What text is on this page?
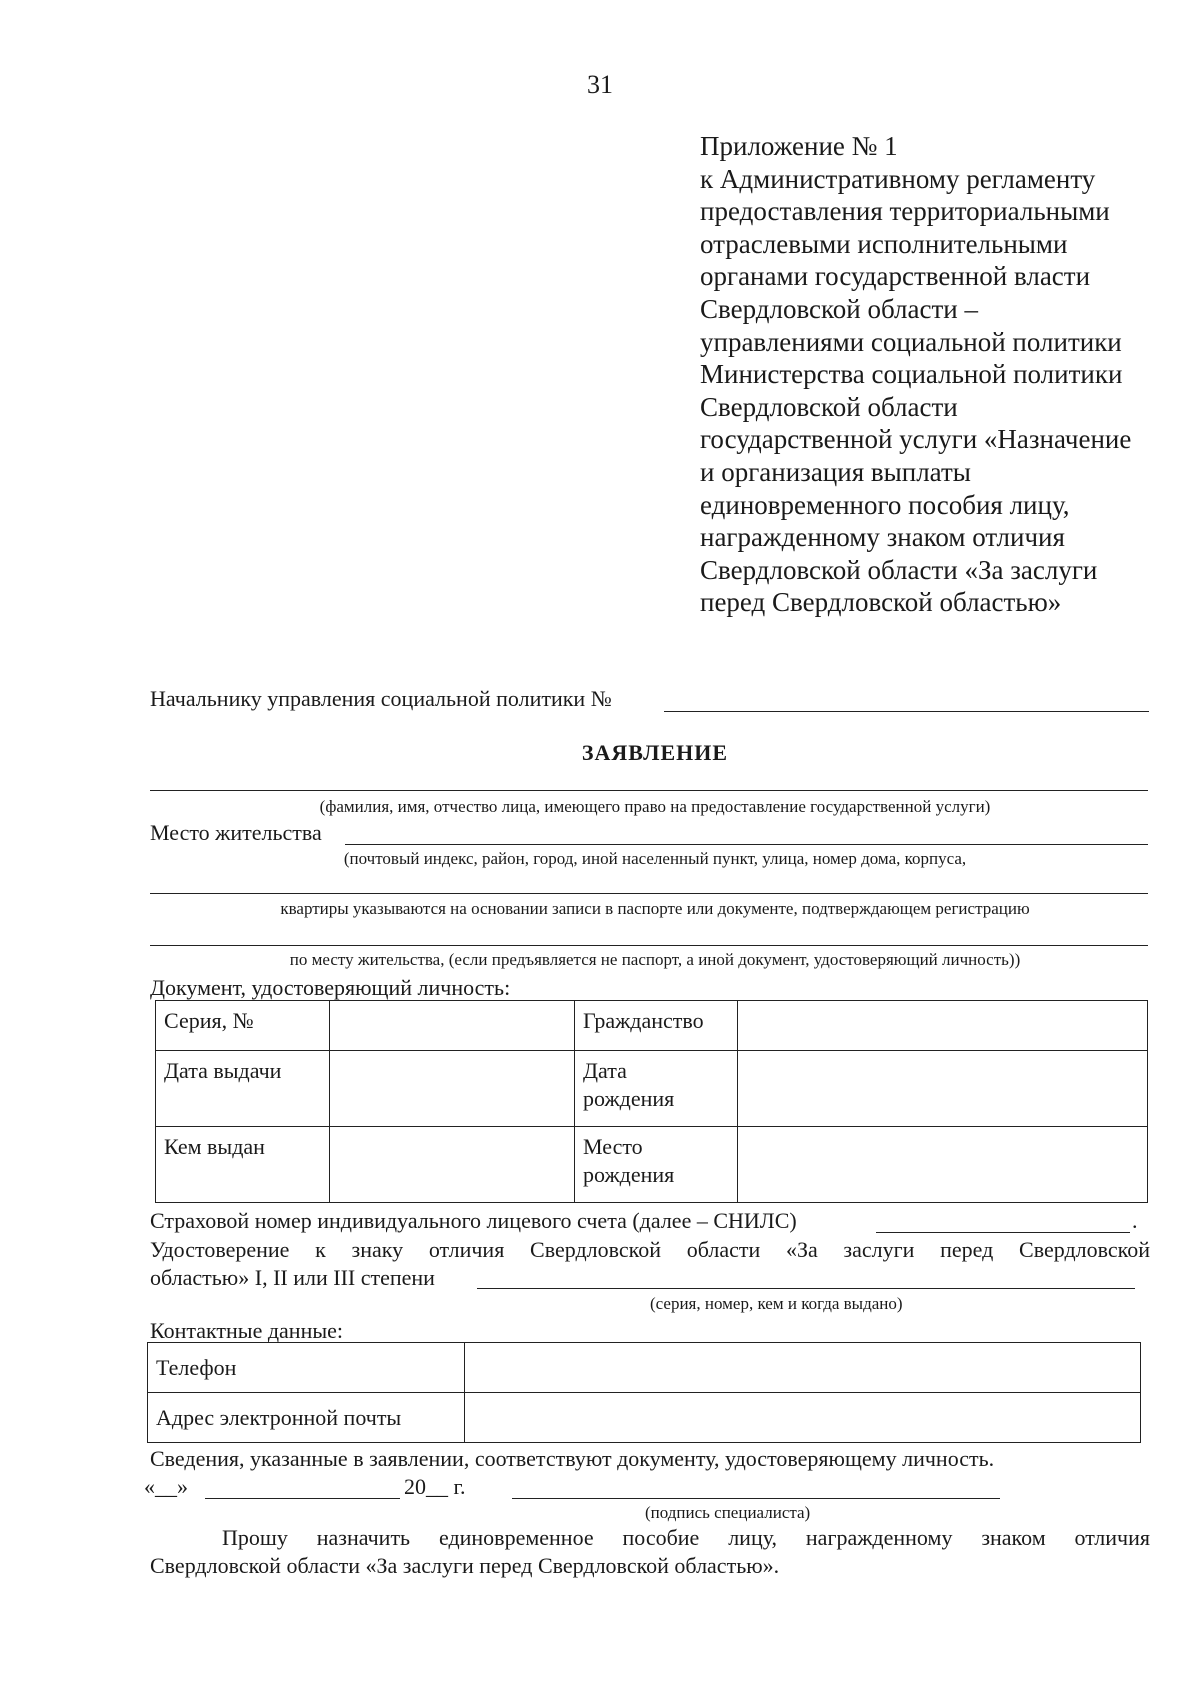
31
Приложение № 1
к Административному регламенту
предоставления территориальными
отраслевыми исполнительными
органами государственной власти
Свердловской области –
управлениями социальной политики
Министерства социальной политики
Свердловской области
государственной услуги «Назначение
и организация выплаты
единовременного пособия лицу,
награжденному знаком отличия
Свердловской области «За заслуги
перед Свердловской областью»
Начальнику управления социальной политики №
ЗАЯВЛЕНИЕ
(фамилия, имя, отчество лица, имеющего право на предоставление государственной услуги)
Место жительства
(почтовый индекс, район, город, иной населенный пункт, улица, номер дома, корпуса,
квартиры указываются на основании записи в паспорте или документе, подтверждающем регистрацию
по месту жительства, (если предъявляется не паспорт, а иной документ, удостоверяющий личность))
Документ, удостоверяющий личность:
Серия, №		Гражданство	
Дата выдачи		Дата
рождения	

Кем выдан		Место
рождения	

Страховой номер индивидуального лицевого счета (далее – СНИЛС)	.
Удостоверение к знаку отличия Свердловской области «За заслуги перед Свердловской
областью» I, II или III степени
(серия, номер, кем и когда выдано)
Контактные данные:
Телефон	
Адрес электронной почты	
Сведения, указанные в заявлении, соответствуют документу, удостоверяющему личность.
«__»	20__ г.
(подпись специалиста)
Прошу назначить единовременное пособие лицу, награжденному знаком отличия
Свердловской области «За заслуги перед Свердловской областью».
